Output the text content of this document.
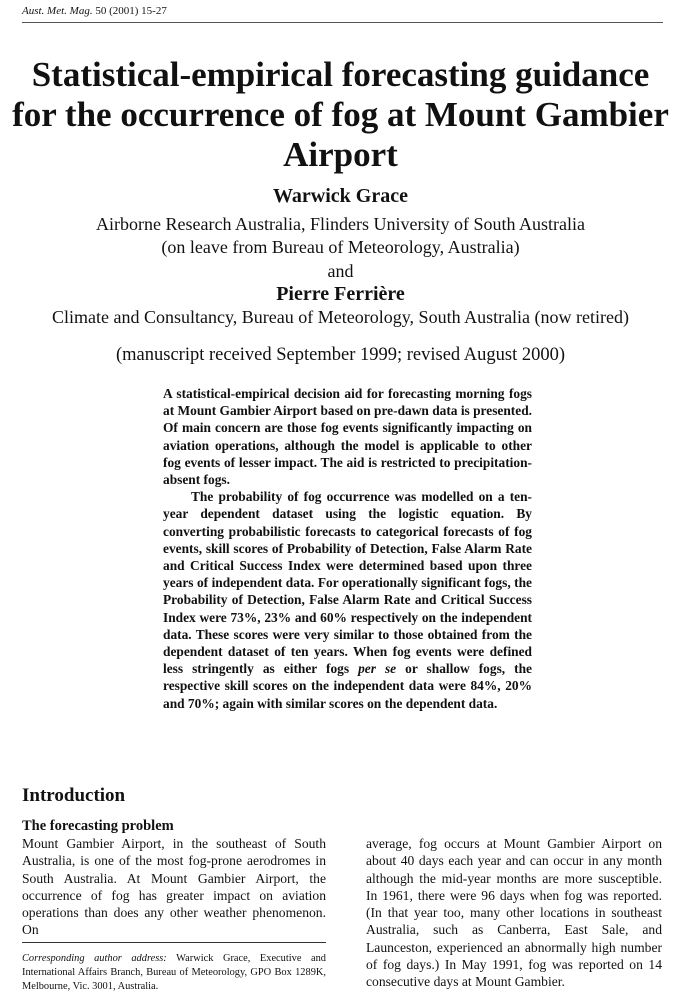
Aust. Met. Mag. 50 (2001) 15-27
Statistical-empirical forecasting guidance for the occurrence of fog at Mount Gambier Airport
Warwick Grace
Airborne Research Australia, Flinders University of South Australia
(on leave from Bureau of Meteorology, Australia)
and
Pierre Ferrière
Climate and Consultancy, Bureau of Meteorology, South Australia (now retired)
(manuscript received September 1999; revised August 2000)

A statistical-empirical decision aid for forecasting morning fogs at Mount Gambier Airport based on pre-dawn data is presented. Of main concern are those fog events significantly impacting on aviation operations, although the model is applicable to other fog events of lesser impact. The aid is restricted to precipitation-absent fogs.

The probability of fog occurrence was modelled on a ten-year dependent dataset using the logistic equation. By converting probabilistic forecasts to categorical forecasts of fog events, skill scores of Probability of Detection, False Alarm Rate and Critical Success Index were determined based upon three years of independent data. For operationally significant fogs, the Probability of Detection, False Alarm Rate and Critical Success Index were 73%, 23% and 60% respectively on the independent data. These scores were very similar to those obtained from the dependent dataset of ten years. When fog events were defined less stringently as either fogs per se or shallow fogs, the respective skill scores on the independent data were 84%, 20% and 70%; again with similar scores on the dependent data.

Introduction
The forecasting problem

Mount Gambier Airport, in the southeast of South Australia, is one of the most fog-prone aerodromes in South Australia. At Mount Gambier Airport, the occurrence of fog has greater impact on aviation operations than does any other weather phenomenon. On

average, fog occurs at Mount Gambier Airport on about 40 days each year and can occur in any month although the mid-year months are more susceptible. In 1961, there were 96 days when fog was reported. (In that year too, many other locations in southeast Australia, such as Canberra, East Sale, and Launceston, experienced an abnormally high number of fog days.) In May 1991, fog was reported on 14 consecutive days at Mount Gambier.

Corresponding author address: Warwick Grace, Executive and International Affairs Branch, Bureau of Meteorology, GPO Box 1289K, Melbourne, Vic. 3001, Australia.
